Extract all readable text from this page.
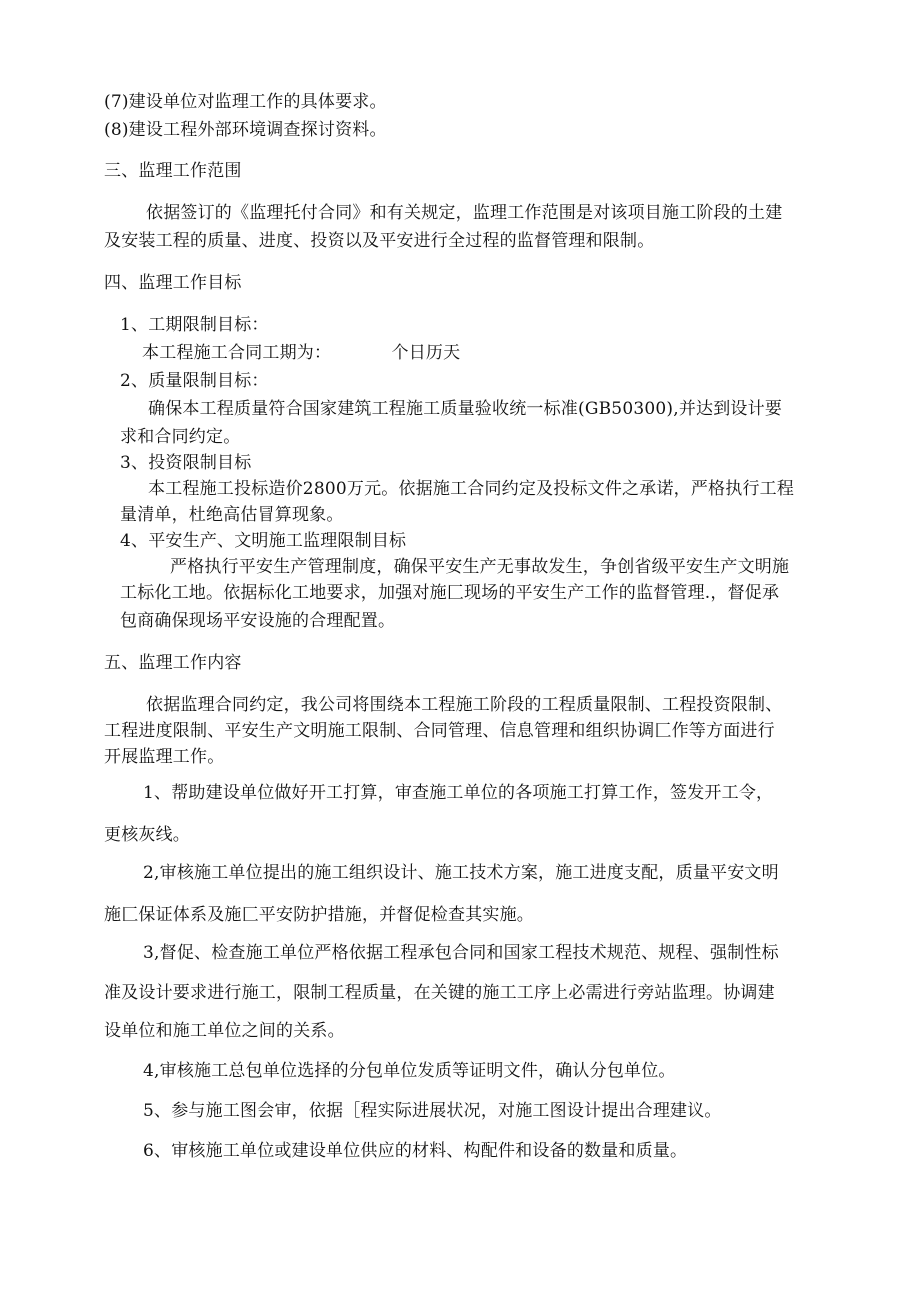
(7)建设单位对监理工作的具体要求。
(8)建设工程外部环境调查探讨资料。
三、监理工作范围
依据签订的《监理托付合同》和有关规定，监理工作范围是对该项目施工阶段的土建
及安装工程的质量、进度、投资以及平安进行全过程的监督管理和限制。
四、监理工作目标
1、工期限制目标：
本工程施工合同工期为：　　　　个日历天
2、质量限制目标：
确保本工程质量符合国家建筑工程施工质量验收统一标准(GB50300),并达到设计要
求和合同约定。
3、投资限制目标
本工程施工投标造价2800万元。依据施工合同约定及投标文件之承诺，严格执行工程
量清单，杜绝高估冒算现象。
4、平安生产、文明施工监理限制目标
严格执行平安生产管理制度，确保平安生产无事故发生，争创省级平安生产文明施
工标化工地。依据标化工地要求，加强对施匚现场的平安生产工作的监督管理.，督促承
包商确保现场平安设施的合理配置。
五、监理工作内容
依据监理合同约定，我公司将围绕本工程施工阶段的工程质量限制、工程投资限制、
工程进度限制、平安生产文明施工限制、合同管理、信息管理和组织协调匚作等方面进行
开展监理工作。
1、帮助建设单位做好开工打算，审查施工单位的各项施工打算工作，签发开工令，
更核灰线。
2,审核施工单位提出的施工组织设计、施工技术方案，施工进度支配，质量平安文明
施匚保证体系及施匚平安防护措施，并督促检查其实施。
3,督促、检查施工单位严格依据工程承包合同和国家工程技术规范、规程、强制性标
准及设计要求进行施工，限制工程质量，在关键的施工工序上必需进行旁站监理。协调建
设单位和施工单位之间的关系。
4,审核施工总包单位选择的分包单位发质等证明文件，确认分包单位。
5、参与施工图会审，依据［程实际进展状况，对施工图设计提出合理建议。
6、审核施工单位或建设单位供应的材料、构配件和设备的数量和质量。
